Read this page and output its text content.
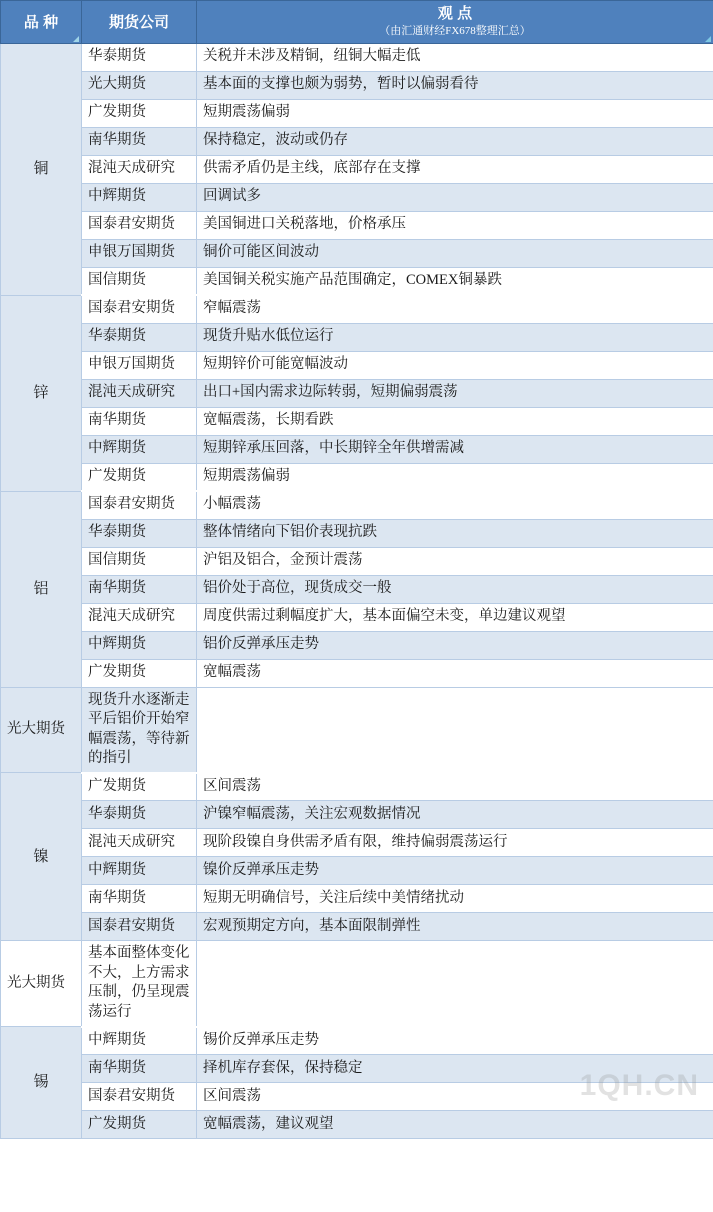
品 种	期货公司	观 点
（由汇通财经FX678整理汇总）

铜	华泰期货	关税并未涉及精铜，纽铜大幅走低
	光大期货	基本面的支撑也颇为弱势，暂时以偏弱看待
	广发期货	短期震荡偏弱
	南华期货	保持稳定，波动或仍存
	混沌天成研究	供需矛盾仍是主线，底部存在支撑
	中辉期货	回调试多
	国泰君安期货	美国铜进口关税落地，价格承压
	申银万国期货	铜价可能区间波动
	国信期货	美国铜关税实施产品范围确定，COMEX铜暴跌
锌	国泰君安期货	窄幅震荡
	华泰期货	现货升贴水低位运行
	申银万国期货	短期锌价可能宽幅波动
	混沌天成研究	出口+国内需求边际转弱，短期偏弱震荡
	南华期货	宽幅震荡，长期看跌
	中辉期货	短期锌承压回落，中长期锌全年供增需减
	广发期货	短期震荡偏弱
铝	国泰君安期货	小幅震荡
	华泰期货	整体情绪向下铝价表现抗跌
	国信期货	沪铝及铝合，金预计震荡
	南华期货	铝价处于高位，现货成交一般
	混沌天成研究	周度供需过剩幅度扩大，基本面偏空未变，单边建议观望
	中辉期货	铝价反弹承压走势
	广发期货	宽幅震荡
光大期货	现货升水逐渐走平后铝价开始窄幅震荡，等待新的指引	
镍	广发期货	区间震荡
	华泰期货	沪镍窄幅震荡，关注宏观数据情况
	混沌天成研究	现阶段镍自身供需矛盾有限，维持偏弱震荡运行
	中辉期货	镍价反弹承压走势
	南华期货	短期无明确信号，关注后续中美情绪扰动
	国泰君安期货	宏观预期定方向，基本面限制弹性
光大期货	基本面整体变化不大，上方需求压制，仍呈现震荡运行	
锡	中辉期货	锡价反弹承压走势
	南华期货	择机库存套保，保持稳定
	国泰君安期货	区间震荡
	广发期货	宽幅震荡，建议观望
1QH.CN
